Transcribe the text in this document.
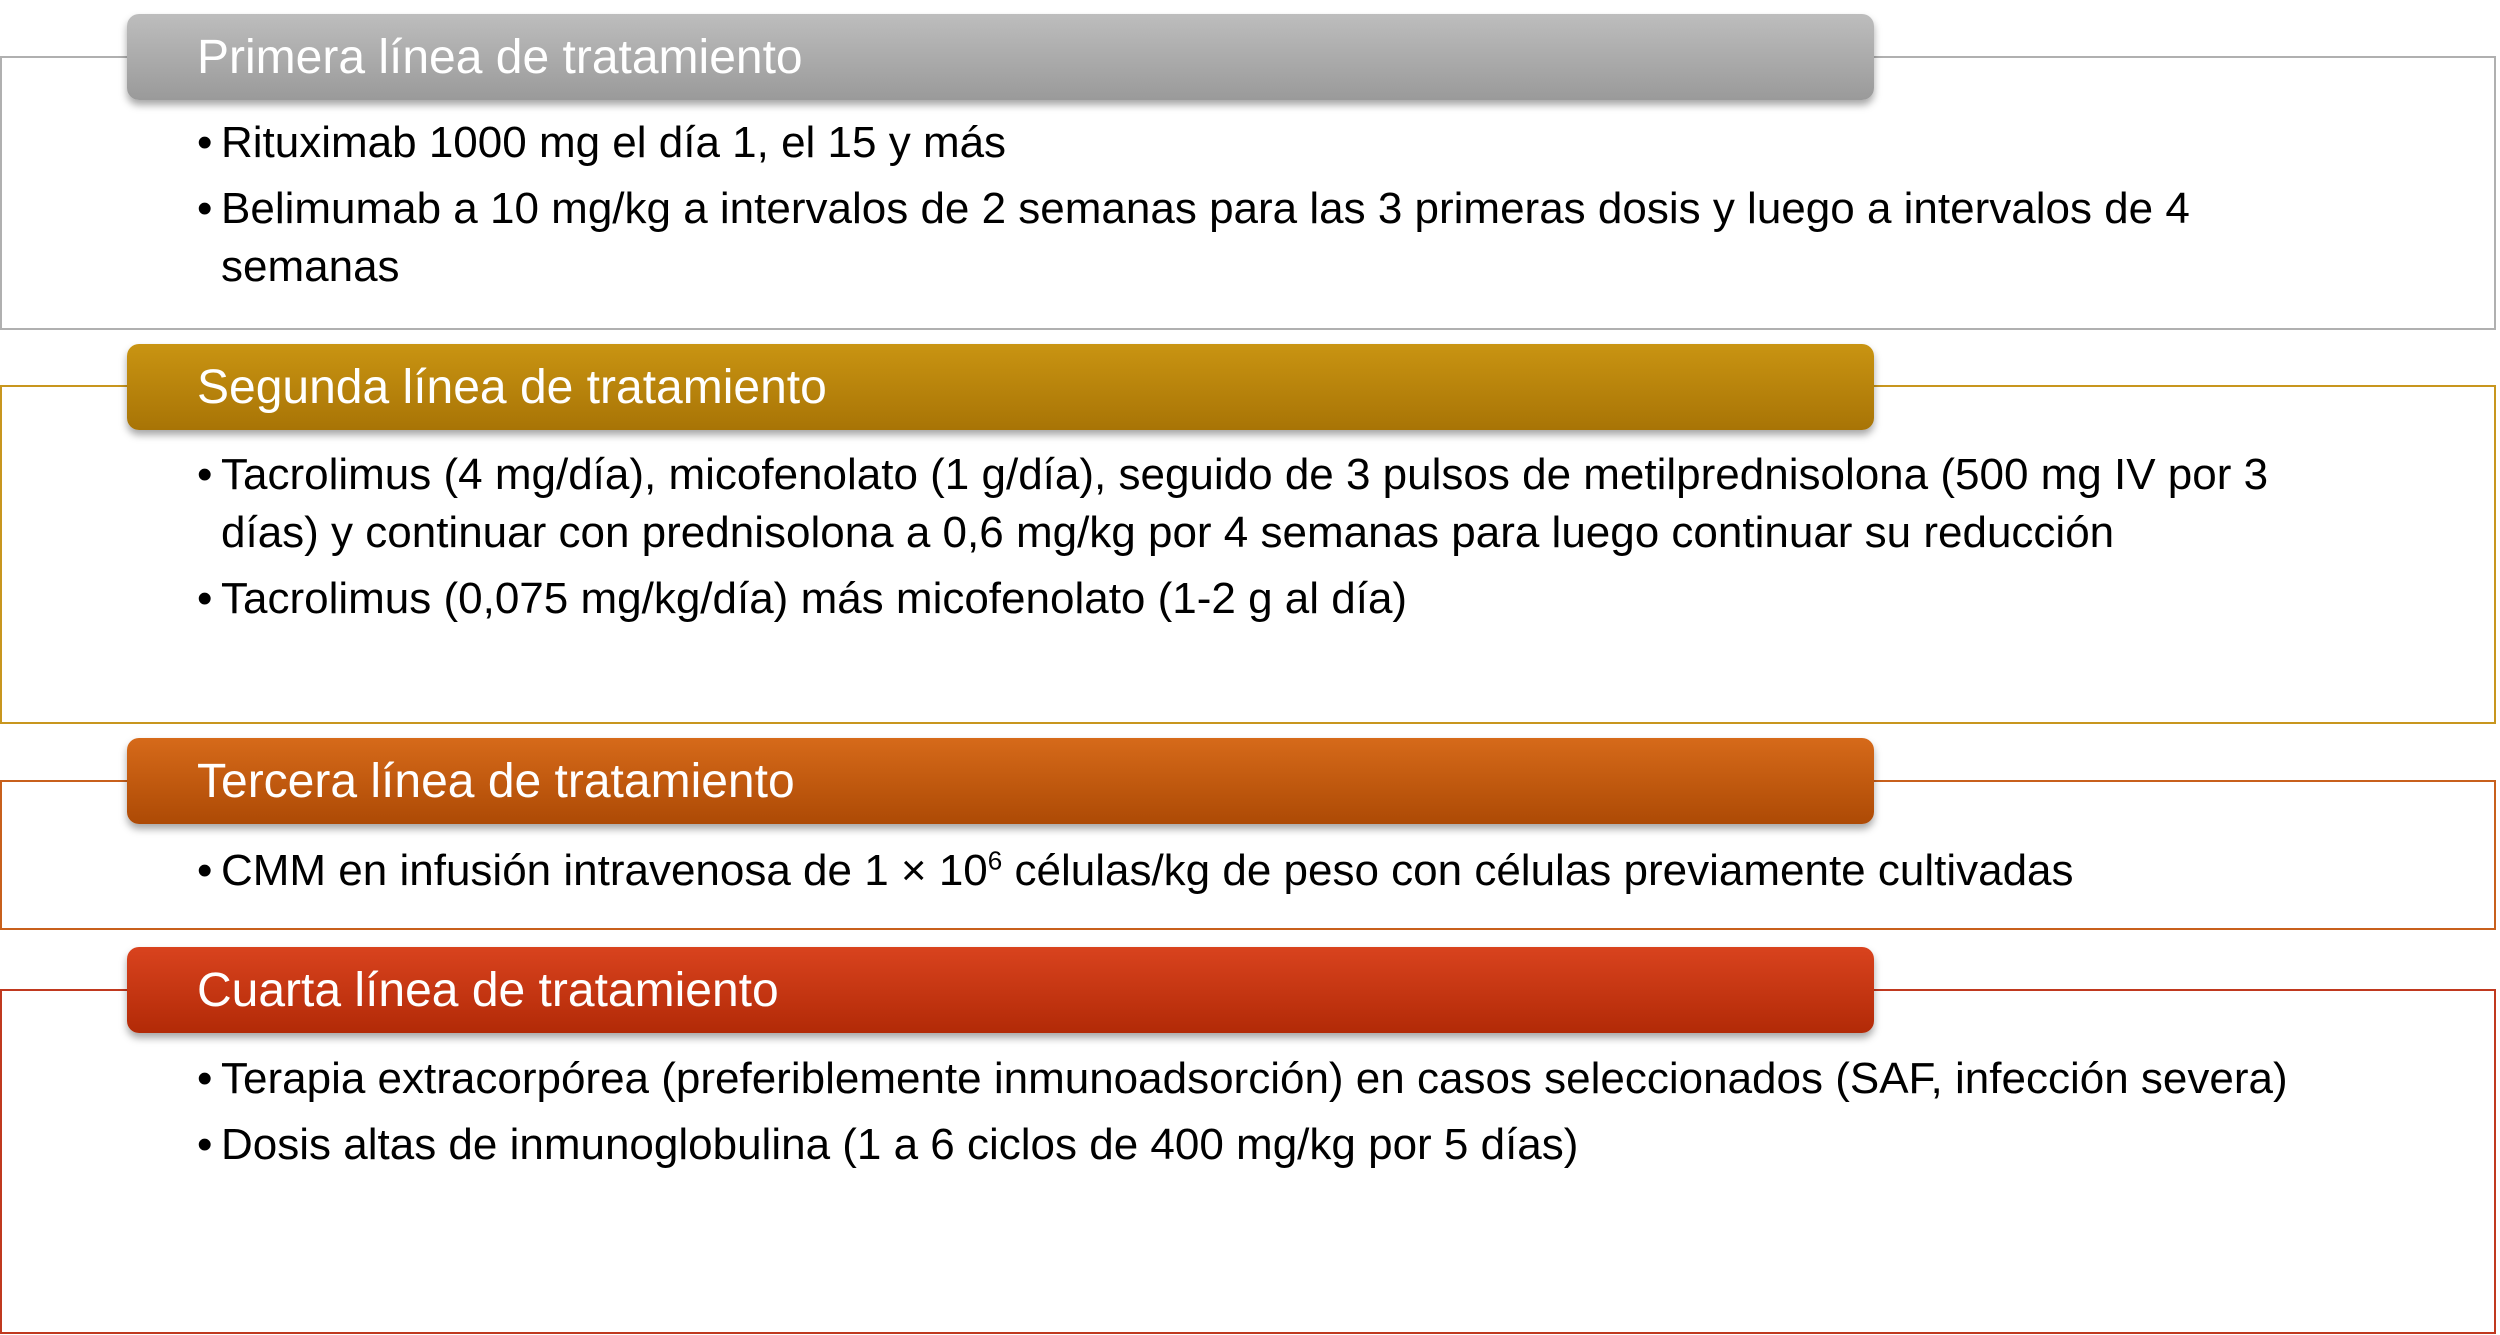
Primera línea de tratamiento
• Rituximab 1000 mg el día 1, el 15 y más
• Belimumab a 10 mg/kg a intervalos de 2 semanas para las 3 primeras dosis y luego a intervalos de 4 semanas
Segunda línea de tratamiento
• Tacrolimus (4 mg/día), micofenolato (1 g/día), seguido de 3 pulsos de metilprednisolona (500 mg IV por 3 días) y continuar con prednisolona a 0,6 mg/kg por 4 semanas para luego continuar su reducción
• Tacrolimus (0,075 mg/kg/día) más micofenolato (1-2 g al día)
Tercera línea de tratamiento
• CMM en infusión intravenosa de $1 \times 10^6$ células/kg de peso con células previamente cultivadas
Cuarta línea de tratamiento
• Terapia extracorpórea (preferiblemente inmunoadsorción) en casos seleccionados (SAF, infección severa)
• Dosis altas de inmunoglobulina (1 a 6 ciclos de 400 mg/kg por 5 días)
